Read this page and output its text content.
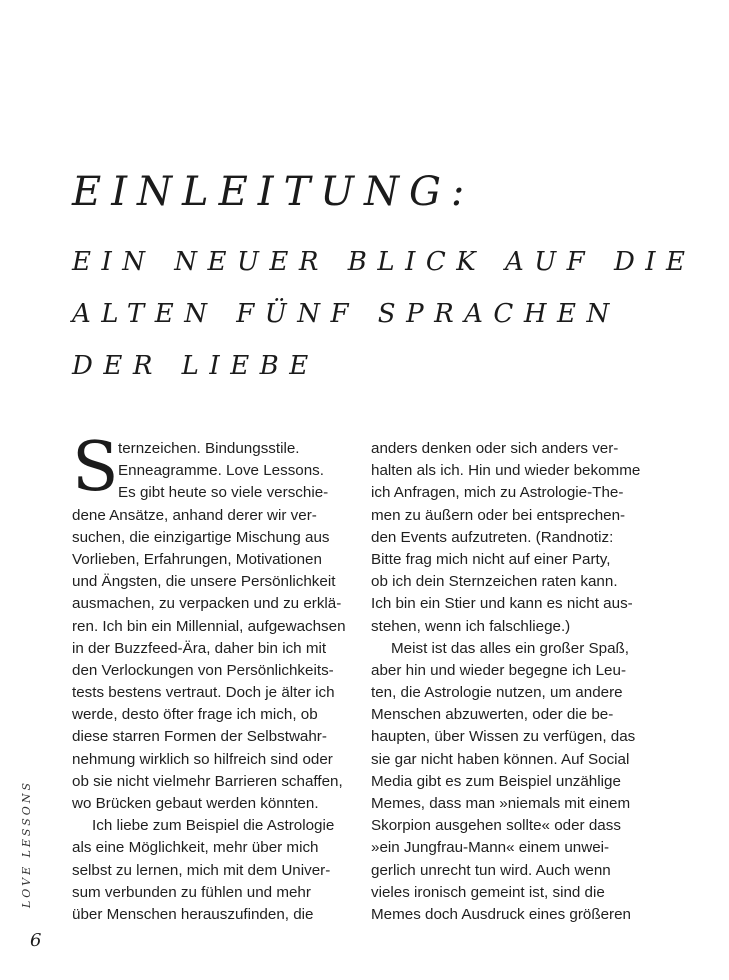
EINLEITUNG:
EIN NEUER BLICK AUF DIE
ALTEN FÜNF SPRACHEN
DER LIEBE
S ternzeichen. Bindungsstile.
Enneagramme. Love Lessons.
Es gibt heute so viele verschie-
dene Ansätze, anhand derer wir ver-
suchen, die einzigartige Mischung aus
Vorlieben, Erfahrungen, Motivationen
und Ängsten, die unsere Persönlichkeit
ausmachen, zu verpacken und zu erklä-
ren. Ich bin ein Millennial, aufgewachsen
in der Buzzfeed-Ära, daher bin ich mit
den Verlockungen von Persönlichkeits-
tests bestens vertraut. Doch je älter ich
werde, desto öfter frage ich mich, ob
diese starren Formen der Selbstwahr-
nehmung wirklich so hilfreich sind oder
ob sie nicht vielmehr Barrieren schaffen,
wo Brücken gebaut werden könnten.
Ich liebe zum Beispiel die Astrologie
als eine Möglichkeit, mehr über mich
selbst zu lernen, mich mit dem Univer-
sum verbunden zu fühlen und mehr
über Menschen herauszufinden, die
anders denken oder sich anders ver-
halten als ich. Hin und wieder bekomme
ich Anfragen, mich zu Astrologie-The-
men zu äußern oder bei entsprechen-
den Events aufzutreten. (Randnotiz:
Bitte frag mich nicht auf einer Party,
ob ich dein Sternzeichen raten kann.
Ich bin ein Stier und kann es nicht aus-
stehen, wenn ich falschliege.)
Meist ist das alles ein großer Spaß,
aber hin und wieder begegne ich Leu-
ten, die Astrologie nutzen, um andere
Menschen abzuwerten, oder die be-
haupten, über Wissen zu verfügen, das
sie gar nicht haben können. Auf Social
Media gibt es zum Beispiel unzählige
Memes, dass man »niemals mit einem
Skorpion ausgehen sollte« oder dass
»ein Jungfrau-Mann« einem unwei-
gerlich unrecht tun wird. Auch wenn
vieles ironisch gemeint ist, sind die
Memes doch Ausdruck eines größeren
LOVE LESSONS
6
